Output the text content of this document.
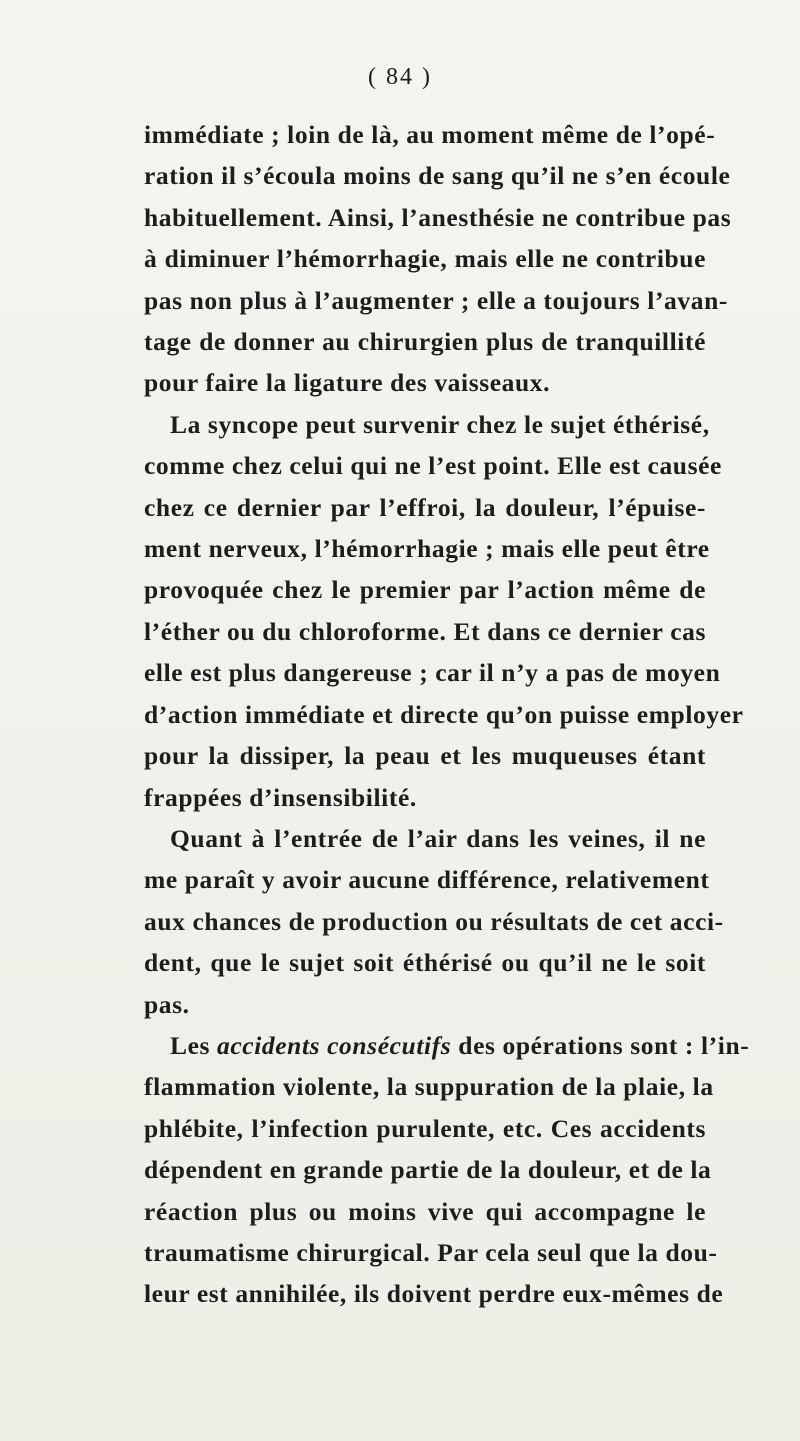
( 84 )
immédiate ; loin de là, au moment même de l’opé-
ration il s’écoula moins de sang qu’il ne s’en écoule
habituellement. Ainsi, l’anesthésie ne contribue pas
à diminuer l’hémorrhagie, mais elle ne contribue
pas non plus à l’augmenter ; elle a toujours l’avan-
tage de donner au chirurgien plus de tranquillité
pour faire la ligature des vaisseaux.
La syncope peut survenir chez le sujet éthérisé,
comme chez celui qui ne l’est point. Elle est causée
chez ce dernier par l’effroi, la douleur, l’épuise-
ment nerveux, l’hémorrhagie ; mais elle peut être
provoquée chez le premier par l’action même de
l’éther ou du chloroforme. Et dans ce dernier cas
elle est plus dangereuse ; car il n’y a pas de moyen
d’action immédiate et directe qu’on puisse employer
pour la dissiper, la peau et les muqueuses étant
frappées d’insensibilité.
Quant à l’entrée de l’air dans les veines, il ne
me paraît y avoir aucune différence, relativement
aux chances de production ou résultats de cet acci-
dent, que le sujet soit éthérisé ou qu’il ne le soit
pas.
Les accidents consécutifs des opérations sont : l’in-
flammation violente, la suppuration de la plaie, la
phlébite, l’infection purulente, etc. Ces accidents
dépendent en grande partie de la douleur, et de la
réaction plus ou moins vive qui accompagne le
traumatisme chirurgical. Par cela seul que la dou-
leur est annihilée, ils doivent perdre eux-mêmes de
